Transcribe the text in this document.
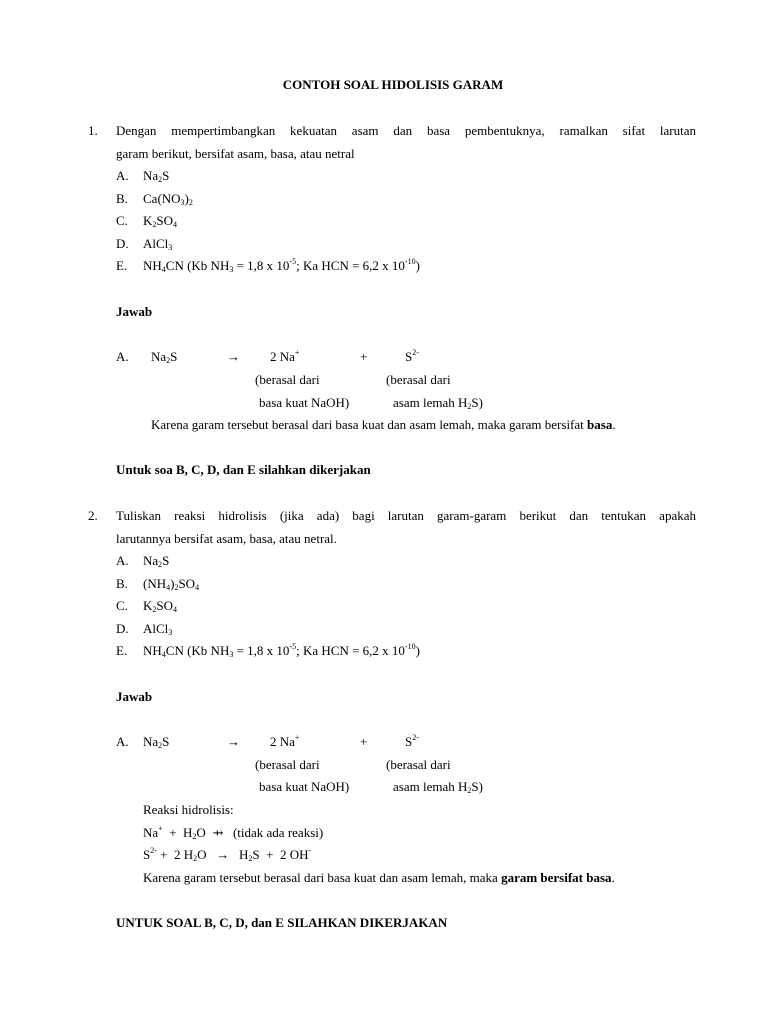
CONTOH SOAL HIDOLISIS GARAM
1. Dengan mempertimbangkan kekuatan asam dan basa pembentuknya, ramalkan sifat larutan
garam berikut, bersifat asam, basa, atau netral
A. $Na_2S$
B. $Ca(NO_3)_2$
C. $K_2SO_4$
D. AlCl$_3$
E. $NH_4CN$ (Kb $NH_3 = 1,8$ x $10^{-5}$; Ka HCN = 6,2 x $10^{-10}$)
Jawab
A. $Na_2S$	→ 2 Na+	+	$S^{2-}$
(berasal dari	(berasal dari
basa kuat NaOH)	asam lemah $H_2S$)
Karena garam tersebut berasal dari basa kuat dan asam lemah, maka garam bersifat basa.
Untuk soa B, C, D, dan E silahkan dikerjakan
2. Tuliskan reaksi hidrolisis (jika ada) bagi larutan garam-garam berikut dan tentukan apakah
larutannya bersifat asam, basa, atau netral.
A. $Na_2S$
B. $(NH_4)_2SO_4$
C. $K_2SO_4$
D. AlCl$_3$
E. $NH_4CN$ (Kb $NH_3 = 1,8$ x $10^{-5}$; Ka HCN = 6,2 x $10^{-10}$)
Jawab
A. $Na_2S$	→ 2 Na+	+	$S^{2-}$
(berasal dari	(berasal dari
basa kuat NaOH)	asam lemah $H_2S$)
Reaksi hidrolisis:
$Na^+ + H_2O$  ⇸   (tidak ada reaksi)
$S^{2-} + 2$ $H_2O \to H_2S + 2$ OH-
Karena garam tersebut berasal dari basa kuat dan asam lemah, maka garam bersifat basa.
UNTUK SOAL B, C, D, dan E SILAHKAN DIKERJAKAN
